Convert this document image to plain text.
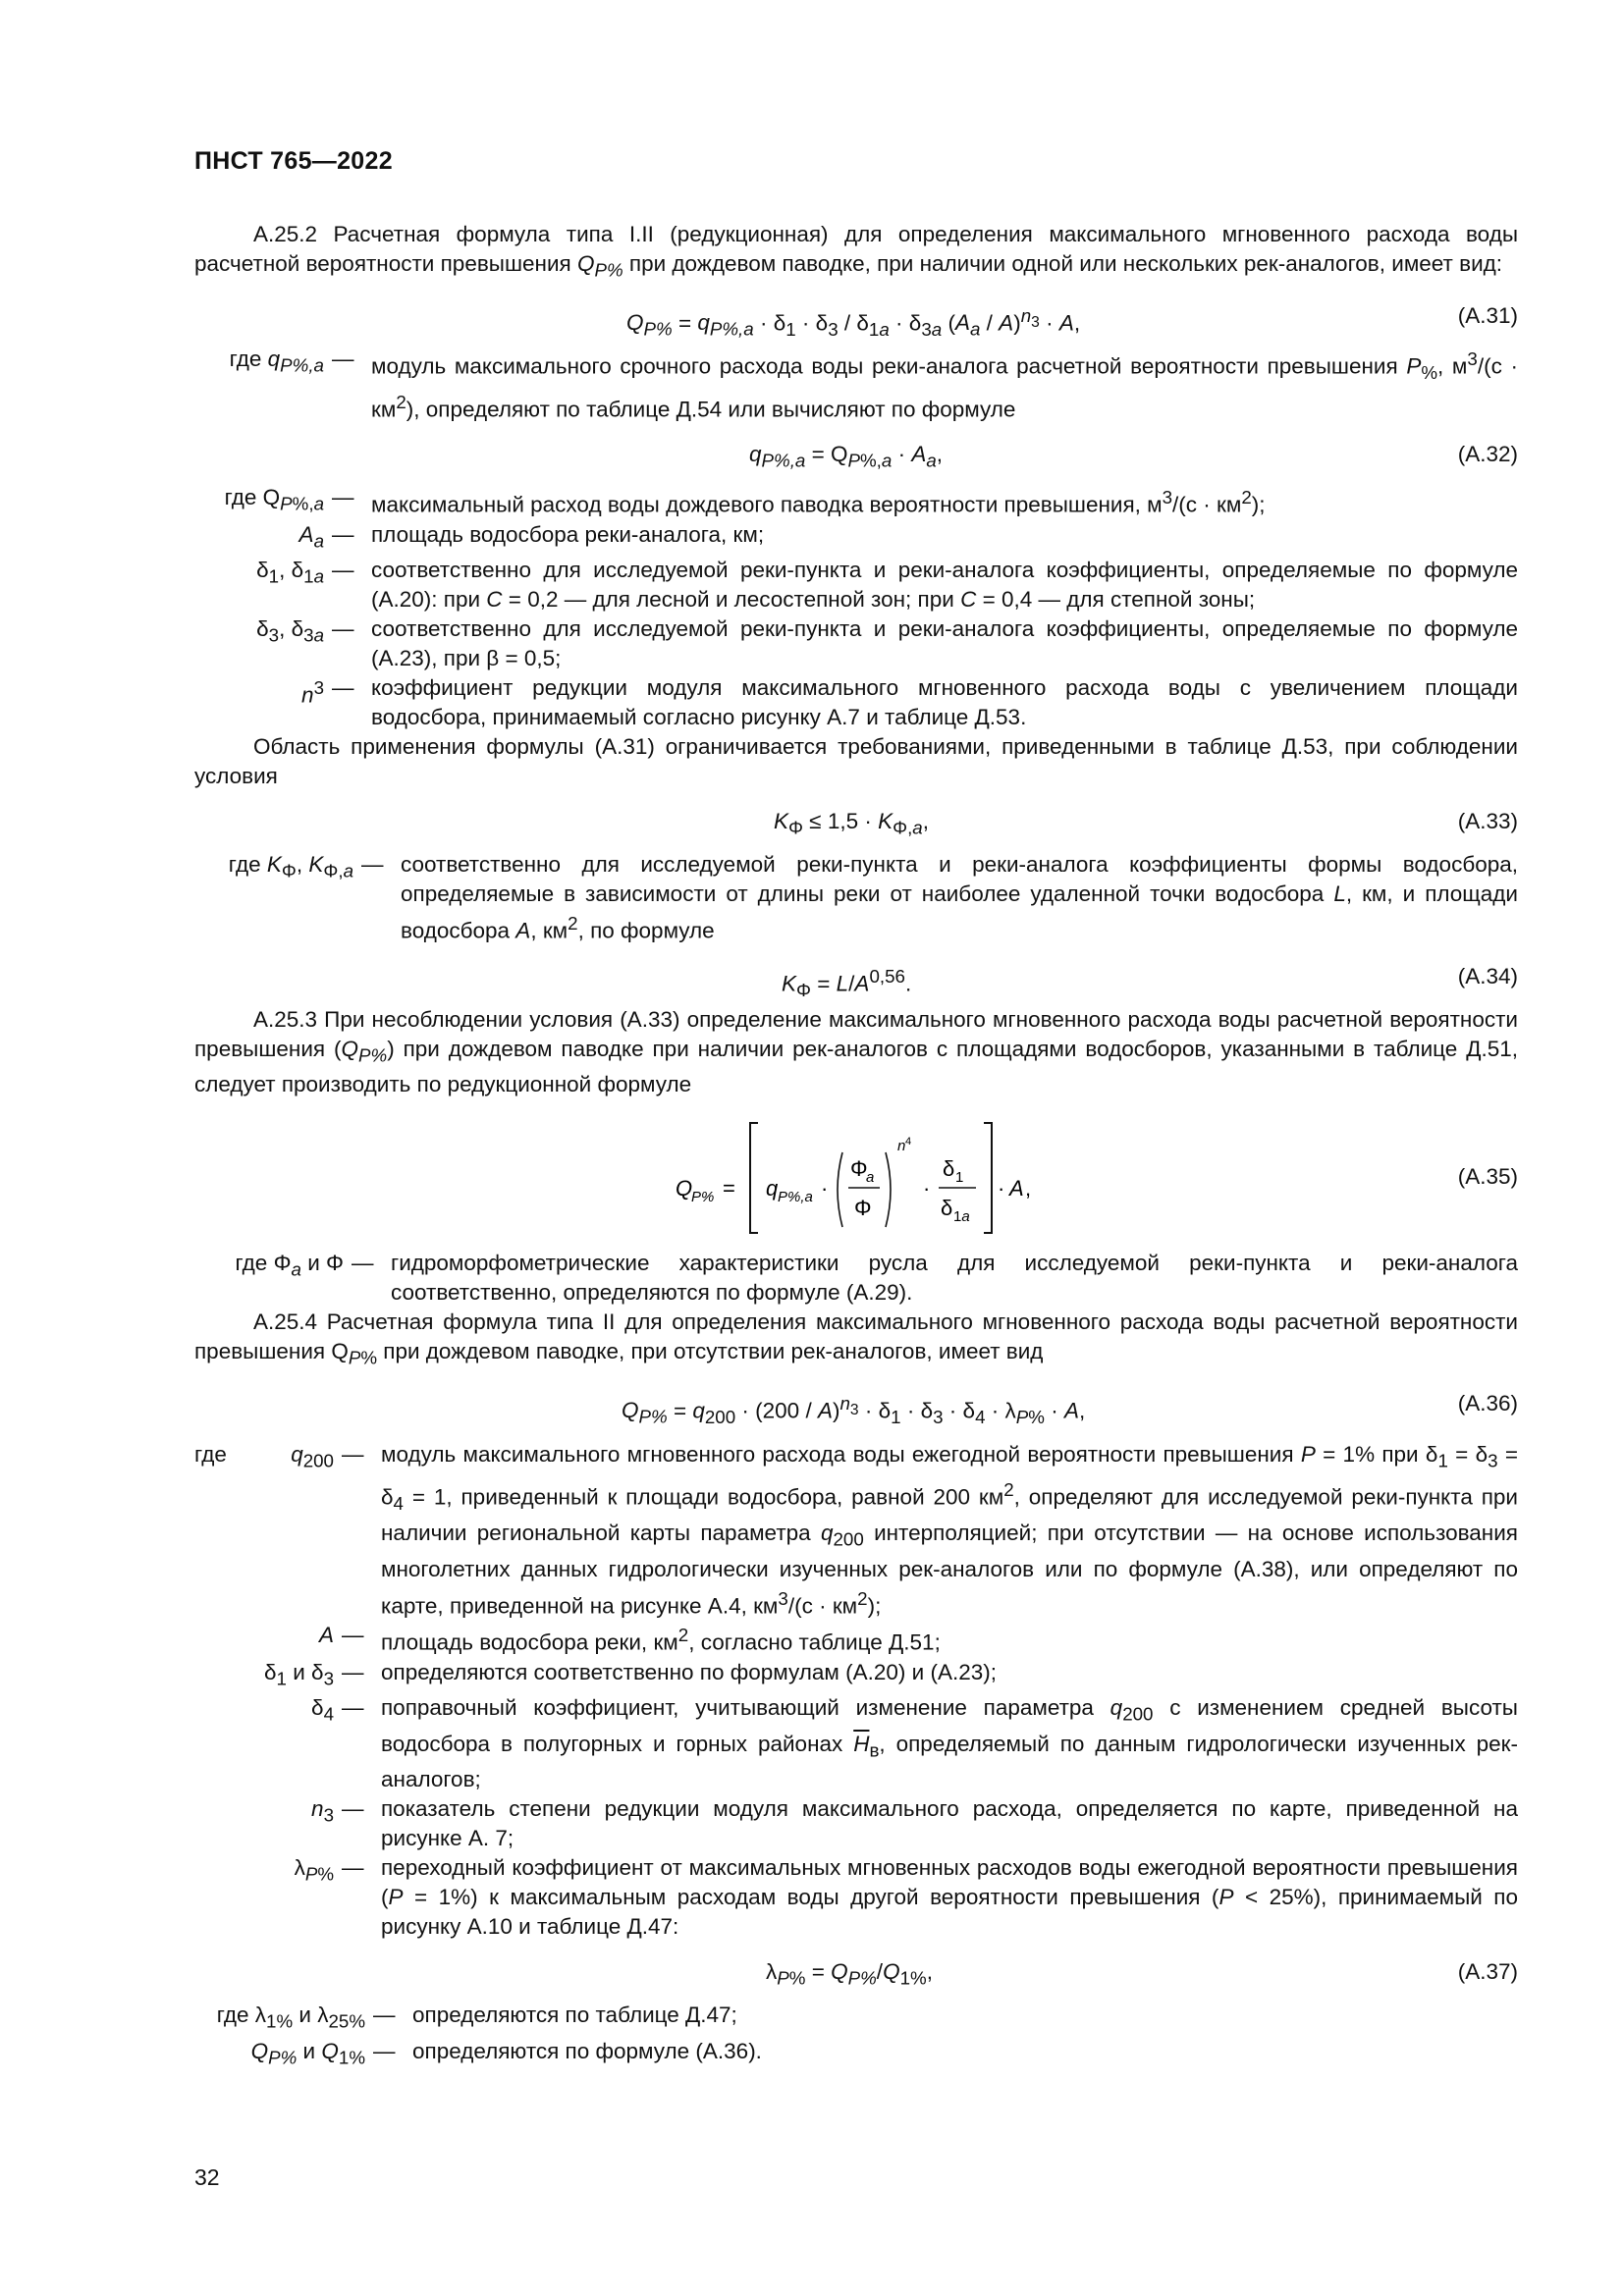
ПНСТ 765—2022

А.25.2 Расчетная формула типа I.II (редукционная) для определения максимального мгновенного расхода воды расчетной вероятности превышения $Q_{P\%}$ при дождевом паводке, при наличии одной или нескольких рек-аналогов, имеет вид:

$Q_{P\%} = q_{P\%,a} \cdot \delta_1 \cdot \delta_3 / \delta_{1a} \cdot \delta_{3a}$ $(A_a / A)^{n_3} \cdot A$,	(А.31)
где $q_{P\%,a}$ — модуль максимального срочного расхода воды реки-аналога расчетной вероятности превышения $P_{\%}$, $м^3/(с \cdot км^2)$, определяют по таблице Д.54 или вычисляют по формуле
$q_{P\%,a} = Q_{P\%,a} \cdot A_a$,	(А.32)
где $Q_{P\%,a}$ — максимальный расход воды дождевого паводка вероятности превышения, $м^3/(с \cdot км^2)$;
$A_a$ — площадь водосбора реки-аналога, км;
$\delta_1$, $\delta_{1a}$ — соответственно для исследуемой реки-пункта и реки-аналога коэффициенты, определяемые по формуле (А.20): при C = 0,2 — для лесной и лесостепной зон; при C = 0,4 — для степной зоны;
$\delta_3$, $\delta_{3a}$ — соответственно для исследуемой реки-пункта и реки-аналога коэффициенты, определяемые по формуле (А.23), при β = 0,5;
$n^3$ — коэффициент редукции модуля максимального мгновенного расхода воды с увеличением площади водосбора, принимаемый согласно рисунку А.7 и таблице Д.53.

Область применения формулы (А.31) ограничивается требованиями, приведенными в таблице Д.53, при соблюдении условия

$K_\Phi \le 1,5 \cdot K_{\Phi,a}$,	(А.33)
где $K_\Phi$, $K_{\Phi,a}$ — соответственно для исследуемой реки-пункта и реки-аналога коэффициенты формы водосбора, определяемые в зависимости от длины реки от наиболее удаленной точки водосбора L, км, и площади водосбора A, $км^2$, по формуле
$K_\Phi = L/A^{0,56}$.	(А.34)

А.25.3 При несоблюдении условия (А.33) определение максимального мгновенного расхода воды расчетной вероятности превышения $(Q_{P\%})$ при дождевом паводке при наличии рек-аналогов с площадями водосборов, указанными в таблице Д.51, следует производить по редукционной формуле

Q
P% = q P%,a ·
Φ
a
Φ
n 4
·
δ 1
δ 1a
· A ,	(А.35)
где $\Phi_a$ и Φ — гидроморфометрические характеристики русла для исследуемой реки-пункта и реки-аналога соответственно, определяются по формуле (А.29).

А.25.4 Расчетная формула типа II для определения максимального мгновенного расхода воды расчетной вероятности превышения $Q_{P\%}$ при дождевом паводке, при отсутствии рек-аналогов, имеет вид

$Q_{P\%} = q_{200} \cdot (200 / A)^{n_3} \cdot \delta_1 \cdot \delta_3 \cdot \delta_4 \cdot \lambda_{P\%} \cdot A$,	(А.36)
где	$q_{200}$ — модуль максимального мгновенного расхода воды ежегодной вероятности превышения P = 1% при $\delta_1 = \delta_3 = \delta_4 = 1$, приведенный к площади водосбора, равной 200 $км^2$, определяют для исследуемой реки-пункта при наличии региональной карты параметра $q_{200}$ интерполяцией; при отсутствии — на основе использования многолетних данных гидрологически изученных рек-аналогов или по формуле (А.38), или определяют по карте, приведенной на рисунке А.4, $км^3/(с \cdot км^2)$;
A — площадь водосбора реки, $км^2$, согласно таблице Д.51;
$\delta_1$ и $\delta_3$ — определяются соответственно по формулам (А.20) и (А.23);
$\delta_4$ — поправочный коэффициент, учитывающий изменение параметра $q_{200}$ с изменением средней высоты водосбора в полугорных и горных районах $\overline{H}_в$, определяемый по данным гидрологически изученных рек-аналогов;
$n_3$ — показатель степени редукции модуля максимального расхода, определяется по карте, приведенной на рисунке А. 7;
$\lambda_{P\%}$ — переходный коэффициент от максимальных мгновенных расходов воды ежегодной вероятности превышения (P = 1%) к максимальным расходам воды другой вероятности превышения (P < 25%), принимаемый по рисунку А.10 и таблице Д.47:
$\lambda_{P\%} = Q_{P\%}/Q_{1\%}$,	(А.37)
где $\lambda_{1\%}$ и $\lambda_{25\%}$ — определяются по таблице Д.47;
$Q_{P\%}$ и $Q_{1\%}$ — определяются по формуле (А.36).
32
